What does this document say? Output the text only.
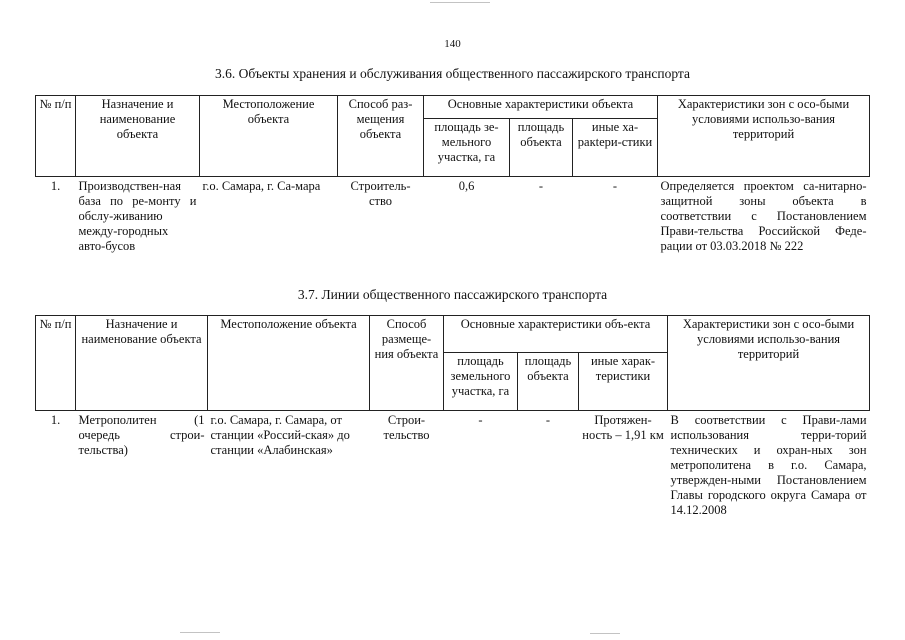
140
3.6. Объекты хранения и обслуживания общественного пассажирского транспорта
№ п/п	Назначение и наименование объекта	Местоположение объекта	Способ раз-мещения объекта	Основные характеристики объекта			Характеристики зон с осо-быми условиями использо-вания территорий
				площадь зе-мельного участка, га	площадь объекта	иные ха-ракteри-стики	
1.	Производствен-ная база по ре-монту и обслу-живанию между-городных авто-бусов	г.о. Самара, г. Са-мара	Строитель-ство	0,6	-	-	Определяется проектом са-нитарно-защитной зоны объекта в соответствии с Постановлением Прави-тельства Российской Феде-рации от 03.03.2018 № 222
3.7. Линии общественного пассажирского транспорта
№ п/п	Назначение и наименование объекта	Местоположение объекта	Способ размеще-ния объекта	Основные характеристики объ-екта			Характеристики зон с осо-быми условиями использо-вания территорий
				площадь земельного участка, га	площадь объекта	иные харак-теристики	
1.	Метрополитен (1 очередь строи-тельства)	г.о. Самара, г. Самара, от станции «Россий-ская» до станции «Алабинская»	Строи-тельство	-	-	Протяжен-ность – 1,91 км	В соответствии с Прави-лами использования терри-торий технических и охран-ных зон метрополитена в г.о. Самара, утвержден-ными Постановлением Главы городского округа Самара от 14.12.2008
